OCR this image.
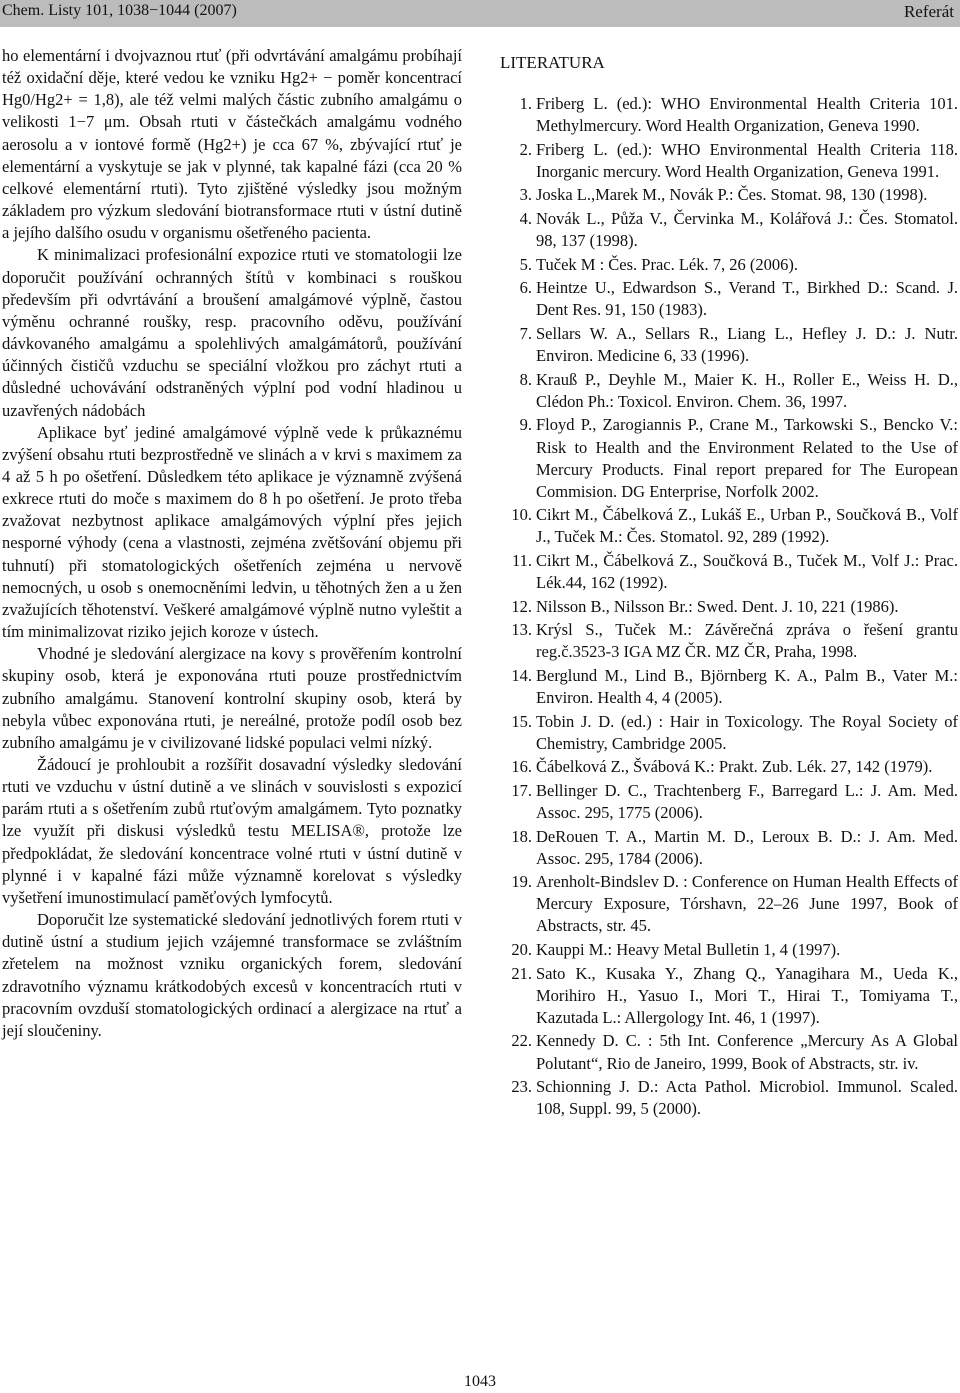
Chem. Listy 101, 1038−1044 (2007)	Referát

ho elementární i dvojvaznou rtuť (při odvrtávání amalgámu probíhají též oxidační děje, které vedou ke vzniku Hg2+ − poměr koncentrací Hg0/Hg2+ = 1,8), ale též velmi malých částic zubního amalgámu o velikosti 1−7 μm. Obsah rtuti v částečkách amalgámu vodného aerosolu a v iontové formě (Hg2+) je cca 67 %, zbývající rtuť je elementární a vyskytuje se jak v plynné, tak kapalné fázi (cca 20 % celkové elementární rtuti). Tyto zjištěné výsledky jsou možným základem pro výzkum sledování biotransformace rtuti v ústní dutině a jejího dalšího osudu v organismu ošetřeného pacienta.

K minimalizaci profesionální expozice rtuti ve stomatologii lze doporučit používání ochranných štítů v kombinaci s rouškou především při odvrtávání a broušení amalgámové výplně, častou výměnu ochranné roušky, resp. pracovního oděvu, používání dávkovaného amalgámu a spolehlivých amalgámátorů, používání účinných čističů vzduchu se speciální vložkou pro záchyt rtuti a důsledné uchovávání odstraněných výplní pod vodní hladinou u uzavřených nádobách

Aplikace byť jediné amalgámové výplně vede k průkaznému zvýšení obsahu rtuti bezprostředně ve slinách a v krvi s maximem za 4 až 5 h po ošetření. Důsledkem této aplikace je významně zvýšená exkrece rtuti do moče s maximem do 8 h po ošetření. Je proto třeba zvažovat nezbytnost aplikace amalgámových výplní přes jejich nesporné výhody (cena a vlastnosti, zejména zvětšování objemu při tuhnutí) při stomatologických ošetřeních zejména u nervově nemocných, u osob s onemocněními ledvin, u těhotných žen a u žen zvažujících těhotenství. Veškeré amalgámové výplně nutno vyleštit a tím minimalizovat riziko jejich koroze v ústech.

Vhodné je sledování alergizace na kovy s prověřením kontrolní skupiny osob, která je exponována rtuti pouze prostřednictvím zubního amalgámu. Stanovení kontrolní skupiny osob, která by nebyla vůbec exponována rtuti, je nereálné, protože podíl osob bez zubního amalgámu je v civilizované lidské populaci velmi nízký.

Žádoucí je prohloubit a rozšířit dosavadní výsledky sledování rtuti ve vzduchu v ústní dutině a ve slinách v souvislosti s expozicí parám rtuti a s ošetřením zubů rtuťovým amalgámem. Tyto poznatky lze využít při diskusi výsledků testu MELISA®, protože lze předpokládat, že sledování koncentrace volné rtuti v ústní dutině v plynné i v kapalné fázi může významně korelovat s výsledky vyšetření imunostimulací paměťových lymfocytů.

Doporučit lze systematické sledování jednotlivých forem rtuti v dutině ústní a studium jejich vzájemné transformace se zvláštním zřetelem na možnost vzniku organických forem, sledování zdravotního významu krátkodobých excesů v koncentracích rtuti v pracovním ovzduší stomatologických ordinací a alergizace na rtuť a její sloučeniny.

LITERATURA
1. Friberg L. (ed.): WHO Environmental Health Criteria 101. Methylmercury. Word Health Organization, Geneva 1990.
2. Friberg L. (ed.): WHO Environmental Health Criteria 118. Inorganic mercury. Word Health Organization, Geneva 1991.
3. Joska L.,Marek M., Novák P.: Čes. Stomat. 98, 130 (1998).
4. Novák L., Půža V., Červinka M., Kolářová J.: Čes. Stomatol. 98, 137 (1998).
5. Tuček M : Čes. Prac. Lék. 7, 26 (2006).
6. Heintze U., Edwardson S., Verand T., Birkhed D.: Scand. J. Dent Res. 91, 150 (1983).
7. Sellars W. A., Sellars R., Liang L., Hefley J. D.: J. Nutr. Environ. Medicine 6, 33 (1996).
8. Krauß P., Deyhle M., Maier K. H., Roller E., Weiss H. D., Clédon Ph.: Toxicol. Environ. Chem. 36, 1997.
9. Floyd P., Zarogiannis P., Crane M., Tarkowski S., Bencko V.: Risk to Health and the Environment Related to the Use of Mercury Products. Final report prepared for The European Commision. DG Enterprise, Norfolk 2002.
10. Cikrt M., Čábelková Z., Lukáš E., Urban P., Součková B., Volf J., Tuček M.: Čes. Stomatol. 92, 289 (1992).
11. Cikrt M., Čábelková Z., Součková B., Tuček M., Volf J.: Prac. Lék.44, 162 (1992).
12. Nilsson B., Nilsson Br.: Swed. Dent. J. 10, 221 (1986).
13. Krýsl S., Tuček M.: Závěrečná zpráva o řešení grantu reg.č.3523-3 IGA MZ ČR. MZ ČR, Praha, 1998.
14. Berglund M., Lind B., Björnberg K. A., Palm B., Vater M.: Environ. Health 4, 4 (2005).
15. Tobin J. D. (ed.) : Hair in Toxicology. The Royal Society of Chemistry, Cambridge 2005.
16. Čábelková Z., Švábová K.: Prakt. Zub. Lék. 27, 142 (1979).
17. Bellinger D. C., Trachtenberg F., Barregard L.: J. Am. Med. Assoc. 295, 1775 (2006).
18. DeRouen T. A., Martin M. D., Leroux B. D.: J. Am. Med. Assoc. 295, 1784 (2006).
19. Arenholt-Bindslev D. : Conference on Human Health Effects of Mercury Exposure, Tórshavn, 22–26 June 1997, Book of Abstracts, str. 45.
20. Kauppi M.: Heavy Metal Bulletin 1, 4 (1997).
21. Sato K., Kusaka Y., Zhang Q., Yanagihara M., Ueda K., Morihiro H., Yasuo I., Mori T., Hirai T., Tomiyama T., Kazutada L.: Allergology Int. 46, 1 (1997).
22. Kennedy D. C. : 5th Int. Conference „Mercury As A Global Polutant“, Rio de Janeiro, 1999, Book of Abstracts, str. iv.
23. Schionning J. D.: Acta Pathol. Microbiol. Immunol. Scaled. 108, Suppl. 99, 5 (2000).
1043
